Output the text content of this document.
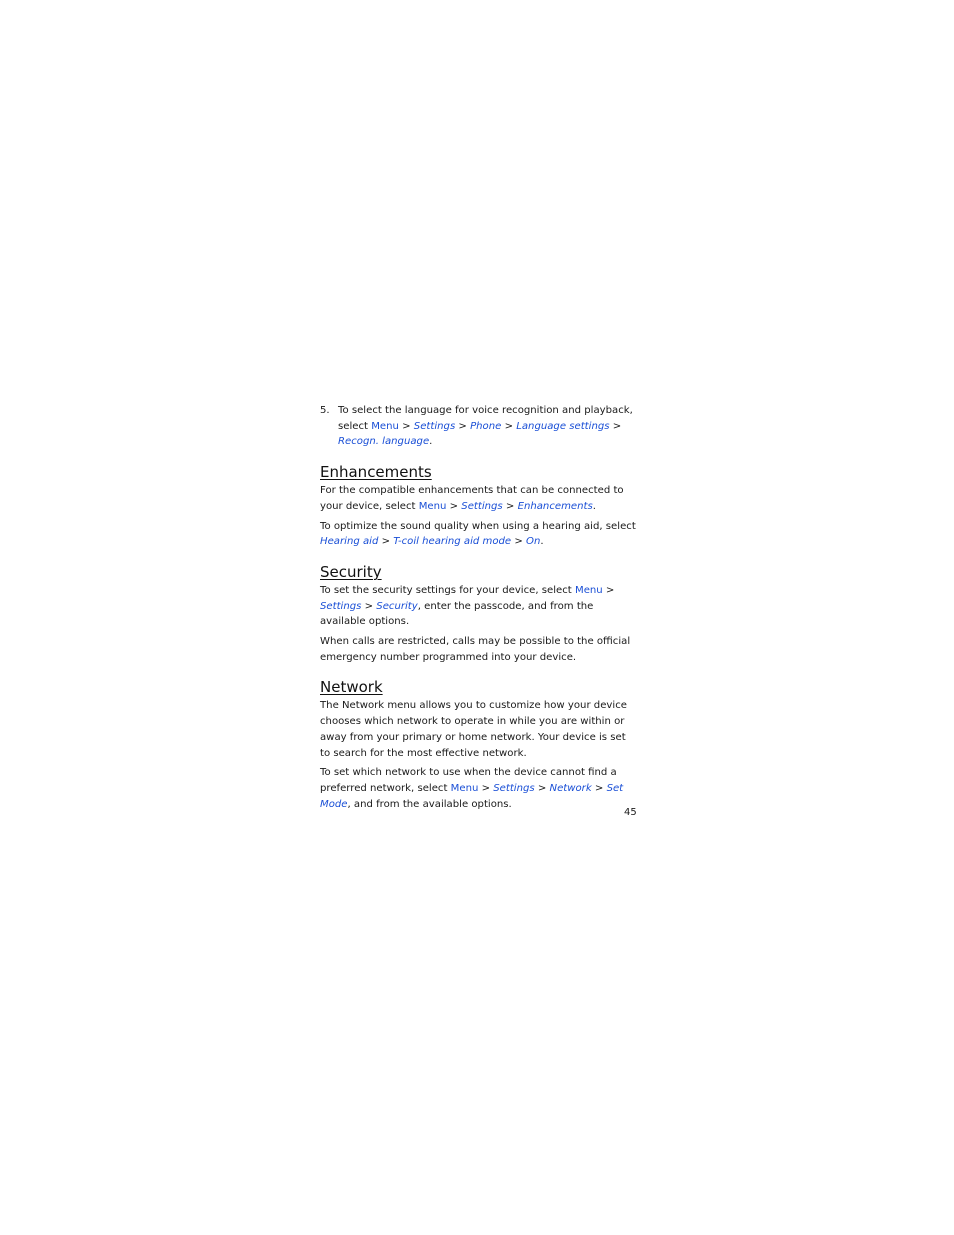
5. To select the language for voice recognition and playback, select Menu > Settings > Phone > Language settings > Recogn. language.

Enhancements

For the compatible enhancements that can be connected to your device, select Menu > Settings > Enhancements.

To optimize the sound quality when using a hearing aid, select Hearing aid > T-coil hearing aid mode > On.

Security

To set the security settings for your device, select Menu > Settings > Security, enter the passcode, and from the available options.

When calls are restricted, calls may be possible to the official emergency number programmed into your device.

Network

The Network menu allows you to customize how your device chooses which network to operate in while you are within or away from your primary or home network. Your device is set to search for the most effective network.

To set which network to use when the device cannot find a preferred network, select Menu > Settings > Network > Set Mode, and from the available options.

45
